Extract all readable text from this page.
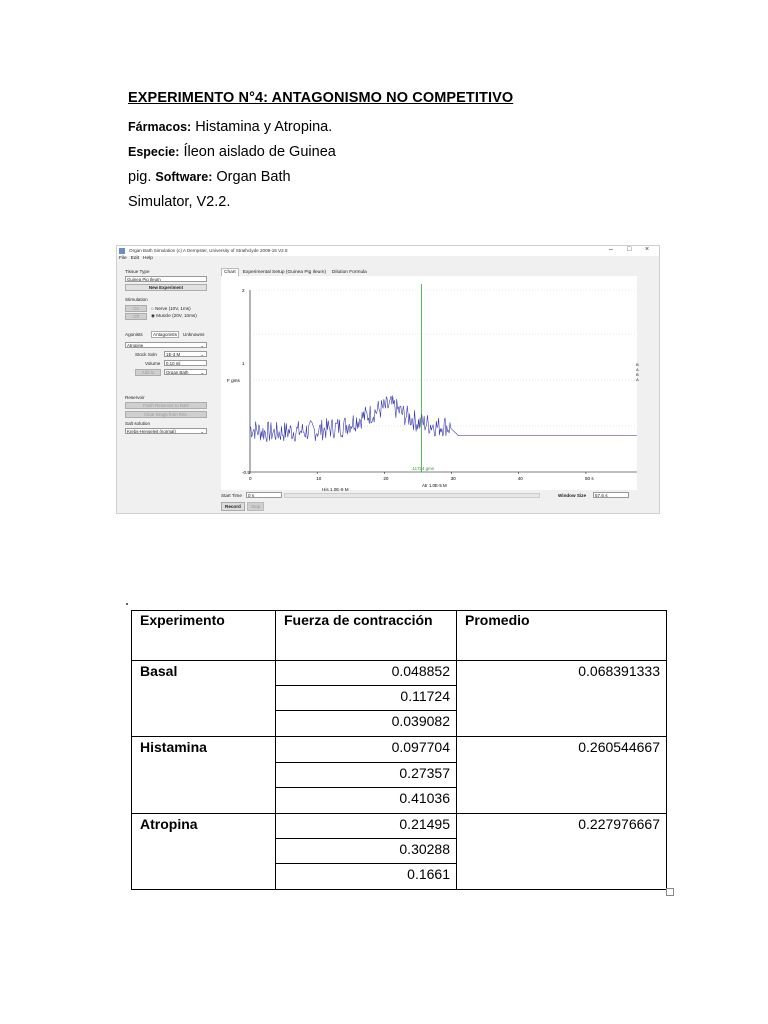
EXPERIMENTO N°4: ANTAGONISMO NO COMPETITIVO
Fármacos: Histamina y Atropina.
Especie: Íleon aislado de Guinea
pig. Software: Organ Bath
Simulator, V2.2.
Organ Bath Simulation (c) A Dempster, University of Strathclyde 2009-16 V2.8	– □ ×
File Edit Help
Tissue Type
Guinea Pig Ileum
New Experiment
Stimulation
On
Off
○ Nerve (10V, 1ms)
◉ Muscle (20V, 10ms)
Agonists	Antagonists	Unknowns
Atropine	⌄
Stock Soln	1E-3 M	⌄
Volume	0.10 ml
Add to	Organ Bath	⌄
Reservoir
Flush Reservoir to Bath
Clear Drugs from Res.
Salt solution
Krebs-Henseleit (normal)	⌄
◙
Chart Experimental Setup (Guinea Pig Ileum) Dilution Formula
F gms
2
1
-0.5
0	10	20	30	40	50 s
.11724 gms
Atr 1.0E-5 M
His 1.0E-9 M
Start Time	0 s	Window Size	57.6 s
Record	Stop
B
A
B
A
Experimento	Fuerza de contracción	Promedio
Basal	0.048852	0.068391333
	0.11724	
	0.039082	
Histamina	0.097704	0.260544667
	0.27357	
	0.41036	
Atropina	0.21495	0.227976667
	0.30288	
	0.1661	
